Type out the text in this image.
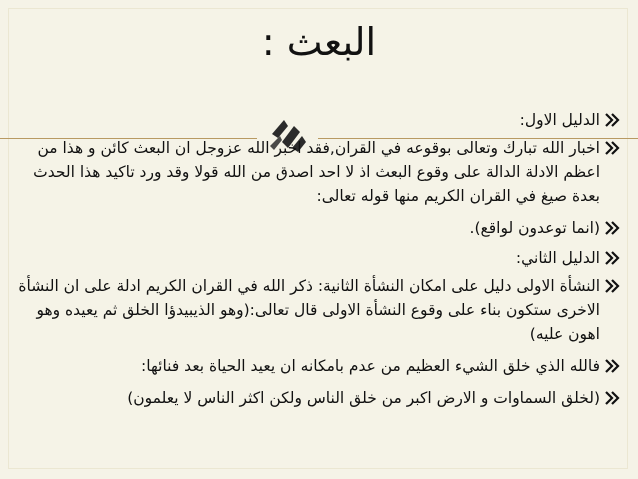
البعث :
الدليل الاول:
اخبار الله تبارك وتعالى بوقوعه في القران,فقد اخبر الله عزوجل ان البعث كائن و هذا من اعظم الادلة الدالة على وقوع البعث اذ لا احد اصدق من الله قولا وقد ورد تاكيد هذا الحدث بعدة صيغ في القران الكريم منها قوله تعالى:
(انما توعدون لواقع).
الدليل الثاني:
النشأة الاولى دليل على امكان النشأة الثانية: ذكر الله في القران الكريم ادلة على ان النشأة الاخرى ستكون بناء على وقوع النشأة الاولى قال تعالى:(وهو الذيبيدؤا الخلق ثم يعيده وهو اهون عليه)
فالله الذي خلق الشيء العظيم من عدم بامكانه ان يعيد الحياة بعد فنائها:
(لخلق السماوات و الارض اكبر من خلق الناس ولكن اكثر الناس لا يعلمون)
